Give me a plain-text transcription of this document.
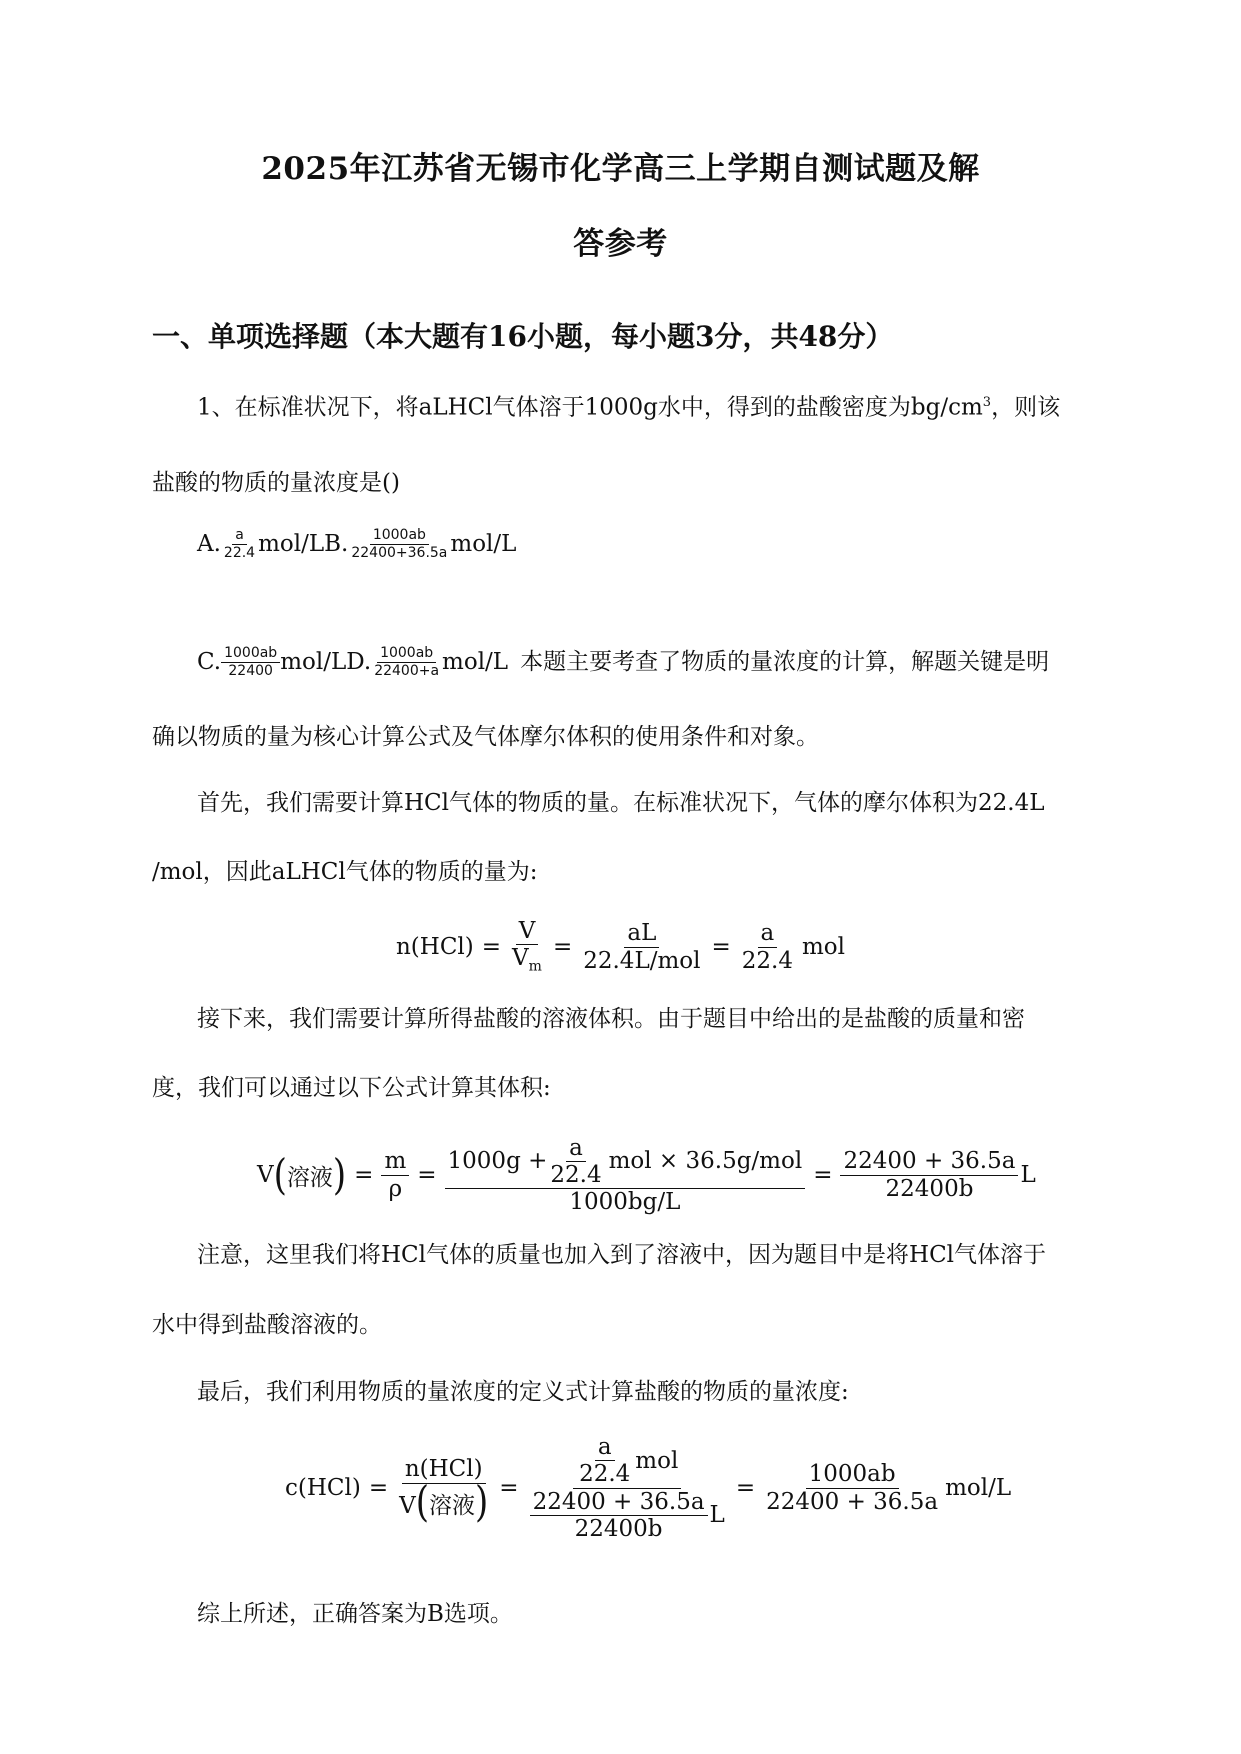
2025年江苏省无锡市化学高三上学期自测试题及解
答参考
一、单项选择题（本大题有16小题，每小题3分，共48分）
1、在标准状况下，将aLHCl气体溶于1000g水中，得到的盐酸密度为$bg/cm^3$，则该
盐酸的物质的量浓度是()
A. $\frac{a}{22.4} mol/L$ B. $\frac{1000ab}{22400+36.5a} mol/L$
C. $\frac{1000ab}{22400} mol/L$ D. $\frac{1000ab}{22400+a} mol/L$ 本题主要考查了物质的量浓度的计算，解题关键是明
确以物质的量为核心计算公式及气体摩尔体积的使用条件和对象。
首先，我们需要计算HCl气体的物质的量。在标准状况下，气体的摩尔体积为22.4L
/mol，因此aLHCl气体的物质的量为:
$n(HCl) = \frac{V}{V_m} = \frac{aL}{\text{22.4L/mol}} = \frac{a}{22.4}$ mol
接下来，我们需要计算所得盐酸的溶液体积。由于题目中给出的是盐酸的质量和密
度，我们可以通过以下公式计算其体积:
V ( 溶液 ) = $\frac{m}{\rho}$ =
$1000g + \frac{a}{22.4}$ mol × 36.5g/mol
1000bg/L
= $\frac{22400 + 36.5a}{22400b}$ L
注意，这里我们将HCl气体的质量也加入到了溶液中，因为题目中是将HCl气体溶于
水中得到盐酸溶液的。
最后，我们利用物质的量浓度的定义式计算盐酸的物质的量浓度:
$c(HCl) = \frac{\text{n(HCl)}}{\text{V(溶液)}} = \frac{\frac{a}{22.4} mol}{\frac{22400 + 36.5a}{22400b} L} = \frac{1000ab}{22400 + 36.5a} mol/L$
综上所述，正确答案为B选项。
